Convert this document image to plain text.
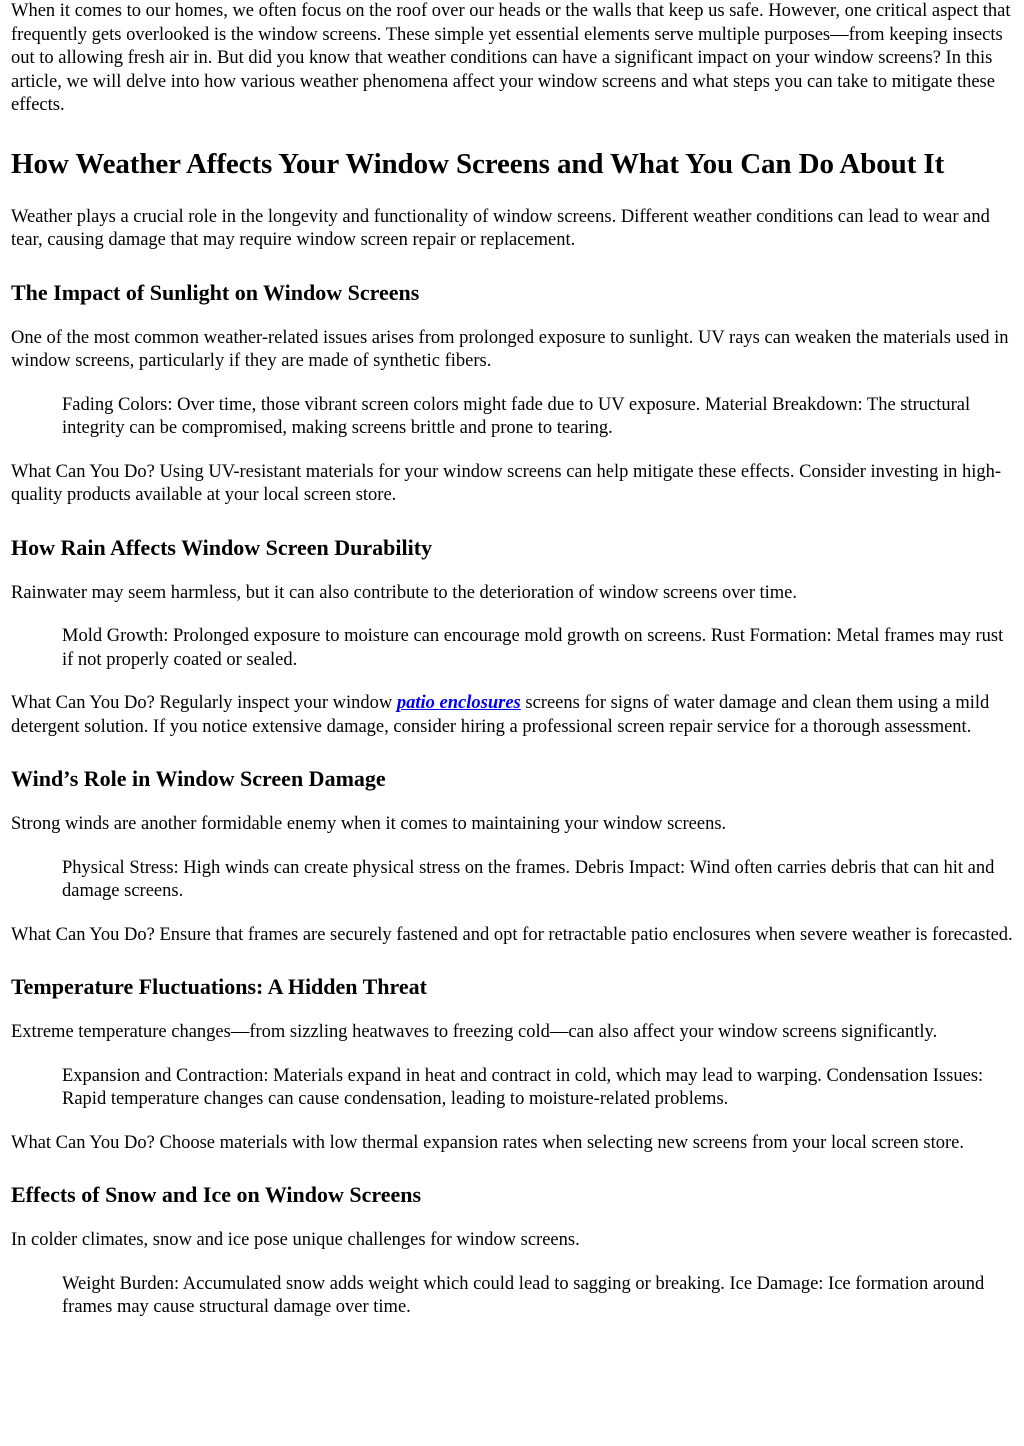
When it comes to our homes, we often focus on the roof over our heads or the walls that keep us safe. However, one critical aspect that frequently gets overlooked is the window screens. These simple yet essential elements serve multiple purposes—from keeping insects out to allowing fresh air in. But did you know that weather conditions can have a significant impact on your window screens? In this article, we will delve into how various weather phenomena affect your window screens and what steps you can take to mitigate these effects.

How Weather Affects Your Window Screens and What You Can Do About It

Weather plays a crucial role in the longevity and functionality of window screens. Different weather conditions can lead to wear and tear, causing damage that may require window screen repair or replacement.

The Impact of Sunlight on Window Screens

One of the most common weather-related issues arises from prolonged exposure to sunlight. UV rays can weaken the materials used in window screens, particularly if they are made of synthetic fibers.

Fading Colors: Over time, those vibrant screen colors might fade due to UV exposure. Material Breakdown: The structural integrity can be compromised, making screens brittle and prone to tearing.

What Can You Do? Using UV-resistant materials for your window screens can help mitigate these effects. Consider investing in high-quality products available at your local screen store.

How Rain Affects Window Screen Durability

Rainwater may seem harmless, but it can also contribute to the deterioration of window screens over time.

Mold Growth: Prolonged exposure to moisture can encourage mold growth on screens. Rust Formation: Metal frames may rust if not properly coated or sealed.

What Can You Do? Regularly inspect your window patio enclosures screens for signs of water damage and clean them using a mild detergent solution. If you notice extensive damage, consider hiring a professional screen repair service for a thorough assessment.

Wind’s Role in Window Screen Damage

Strong winds are another formidable enemy when it comes to maintaining your window screens.

Physical Stress: High winds can create physical stress on the frames. Debris Impact: Wind often carries debris that can hit and damage screens.

What Can You Do? Ensure that frames are securely fastened and opt for retractable patio enclosures when severe weather is forecasted.

Temperature Fluctuations: A Hidden Threat

Extreme temperature changes—from sizzling heatwaves to freezing cold—can also affect your window screens significantly.

Expansion and Contraction: Materials expand in heat and contract in cold, which may lead to warping. Condensation Issues: Rapid temperature changes can cause condensation, leading to moisture-related problems.

What Can You Do? Choose materials with low thermal expansion rates when selecting new screens from your local screen store.

Effects of Snow and Ice on Window Screens

In colder climates, snow and ice pose unique challenges for window screens.

Weight Burden: Accumulated snow adds weight which could lead to sagging or breaking. Ice Damage: Ice formation around frames may cause structural damage over time.
